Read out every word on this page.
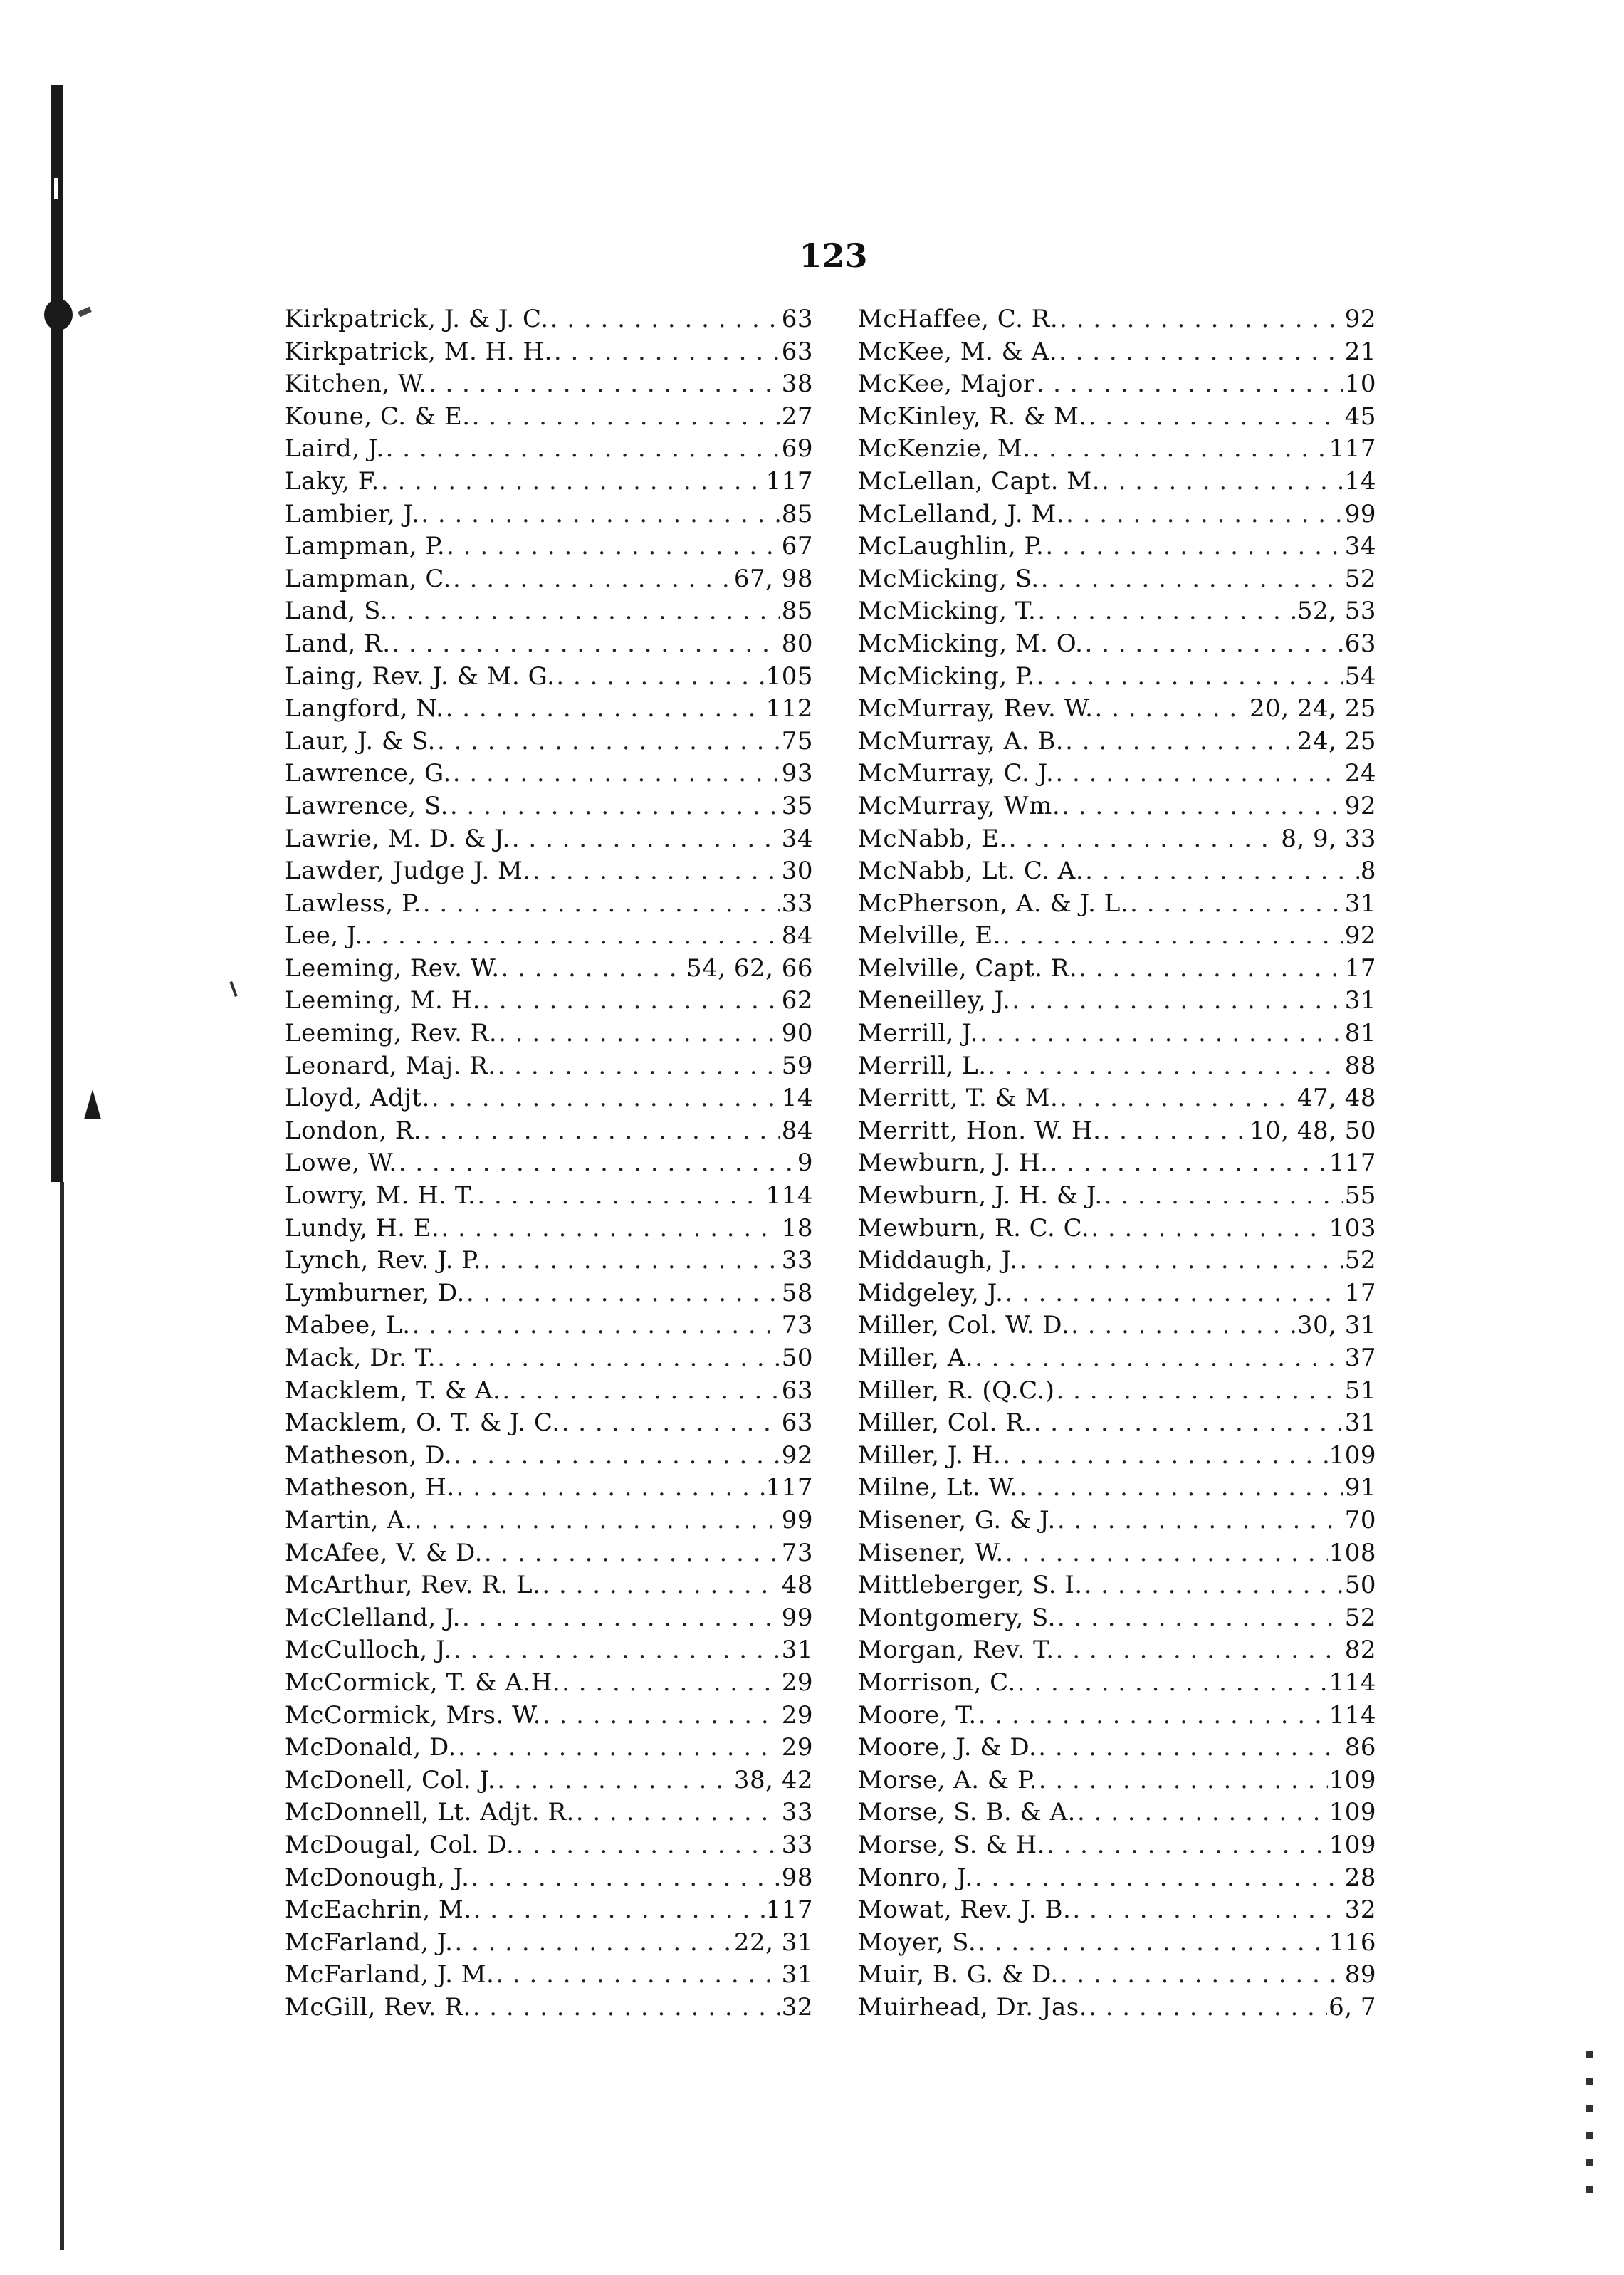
123
Kirkpatrick, J. & J. C. . . .	63
Kirkpatrick, M. H. H. . . .	63
Kitchen, W. . . .	38
Koune, C. & E. . . .	27
Laird, J. . . .	69
Laky, F. . . .	117
Lambier, J. . . .	85
Lampman, P. . . .	67
Lampman, C. . . .	67, 98
Land, S. . . .	85
Land, R. . . .	80
Laing, Rev. J. & M. G. . . .	105
Langford, N. . . .	112
Laur, J. & S. . . .	75
Lawrence, G. . . .	93
Lawrence, S. . . .	35
Lawrie, M. D. & J. . . .	34
Lawder, Judge J. M. . . .	30
Lawless, P. . . .	33
Lee, J. . . .	84
Leeming, Rev. W. . . .	54, 62, 66
Leeming, M. H. . . .	62
Leeming, Rev. R. . . .	90
Leonard, Maj. R. . . .	59
Lloyd, Adjt. . . .	14
London, R. . . .	84
Lowe, W. . . .	9
Lowry, M. H. T. . . .	114
Lundy, H. E. . . .	18
Lynch, Rev. J. P. . . .	33
Lymburner, D. . . .	58
Mabee, L. . . .	73
Mack, Dr. T. . . .	50
Macklem, T. & A. . . .	63
Macklem, O. T. & J. C. . . .	63
Matheson, D. . . .	92
Matheson, H. . . .	117
Martin, A. . . .	99
McAfee, V. & D. . . .	73
McArthur, Rev. R. L. . . .	48
McClelland, J. . . .	99
McCulloch, J. . . .	31
McCormick, T. & A.H. . . .	29
McCormick, Mrs. W. . . .	29
McDonald, D. . . .	29
McDonell, Col. J. . . .	38, 42
McDonnell, Lt. Adjt. R. . . .	33
McDougal, Col. D. . . .	33
McDonough, J. . . .	98
McEachrin, M. . . .	117
McFarland, J. . . .	22, 31
McFarland, J. M. . . .	31
McGill, Rev. R. . . .	32
McHaffee, C. R. . . .	92
McKee, M. & A. . . .	21
McKee, Major . . .	10
McKinley, R. & M. . . .	45
McKenzie, M. . . .	117
McLellan, Capt. M. . . .	14
McLelland, J. M. . . .	99
McLaughlin, P. . . .	34
McMicking, S. . . .	52
McMicking, T. . . .	52, 53
McMicking, M. O. . . .	63
McMicking, P. . . .	54
McMurray, Rev. W. . . .	20, 24, 25
McMurray, A. B. . . .	24, 25
McMurray, C. J. . . .	24
McMurray, Wm. . . .	92
McNabb, E. . . .	8, 9, 33
McNabb, Lt. C. A. . . .	8
McPherson, A. & J. L. . . .	31
Melville, E. . . .	92
Melville, Capt. R. . . .	17
Meneilley, J. . . .	31
Merrill, J. . . .	81
Merrill, L. . . .	88
Merritt, T. & M. . . .	47, 48
Merritt, Hon. W. H. . . .	10, 48, 50
Mewburn, J. H. . . .	117
Mewburn, J. H. & J. . . .	55
Mewburn, R. C. C. . . .	103
Middaugh, J. . . .	52
Midgeley, J. . . .	17
Miller, Col. W. D. . . .	30, 31
Miller, A. . . .	37
Miller, R. (Q.C.) . . .	51
Miller, Col. R. . . .	31
Miller, J. H. . . .	109
Milne, Lt. W. . . .	91
Misener, G. & J. . . .	70
Misener, W. . . .	108
Mittleberger, S. I. . . .	50
Montgomery, S. . . .	52
Morgan, Rev. T. . . .	82
Morrison, C. . . .	114
Moore, T. . . .	114
Moore, J. & D. . . .	86
Morse, A. & P. . . .	109
Morse, S. B. & A. . . .	109
Morse, S. & H. . . .	109
Monro, J. . . .	28
Mowat, Rev. J. B. . . .	32
Moyer, S. . . .	116
Muir, B. G. & D. . . .	89
Muirhead, Dr. Jas. . . .	6, 7
